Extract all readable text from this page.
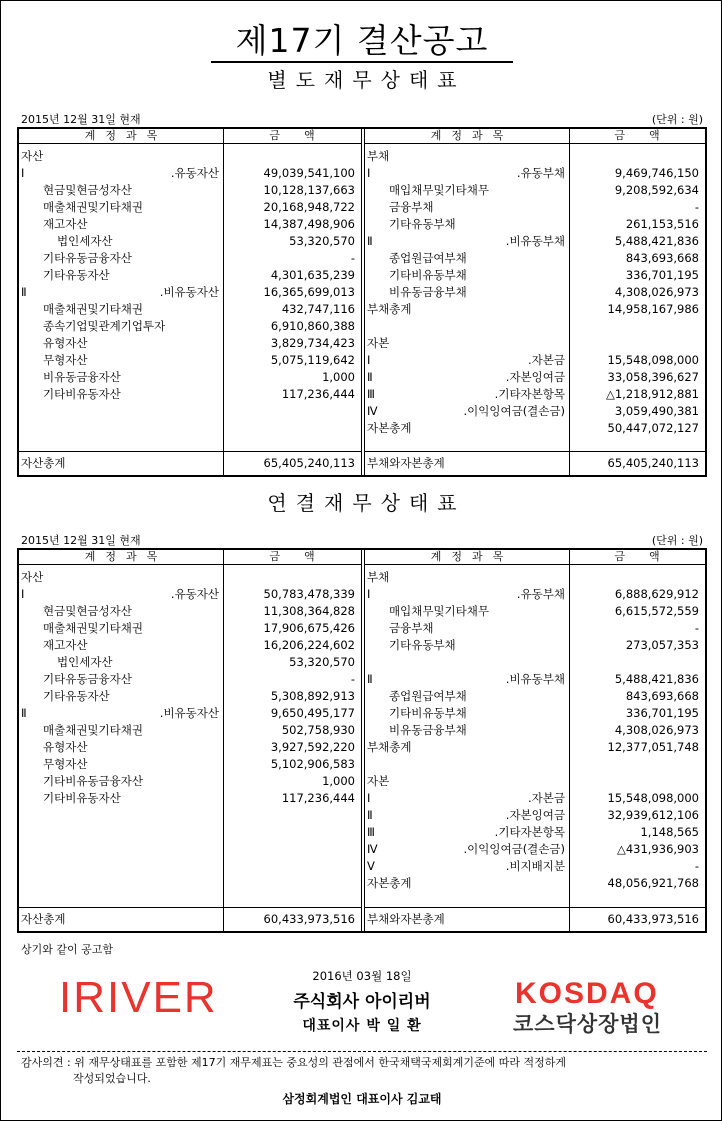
제17기 결산공고
별도재무상태표
2015년 12월 31일 현재	(단위 : 원)
계정과목	금액
자산
Ⅰ.유동자산	49,039,541,100
현금및현금성자산	10,128,137,663
매출채권및기타채권	20,168,948,722
재고자산	14,387,498,906
법인세자산	53,320,570
기타유동금융자산	-
기타유동자산	4,301,635,239
Ⅱ.비유동자산	16,365,699,013
매출채권및기타채권	432,747,116
종속기업및관계기업투자	6,910,860,388
유형자산	3,829,734,423
무형자산	5,075,119,642
비유동금융자산	1,000
기타비유동자산	117,236,444
자산총계	65,405,240,113
계정과목	금액
부채
Ⅰ.유동부채	9,469,746,150
매입채무및기타채무	9,208,592,634
금융부채	-
기타유동부채	261,153,516
Ⅱ.비유동부채	5,488,421,836
종업원급여부채	843,693,668
기타비유동부채	336,701,195
비유동금융부채	4,308,026,973
부채총계	14,958,167,986
자본
Ⅰ.자본금	15,548,098,000
Ⅱ.자본잉여금	33,058,396,627
Ⅲ.기타자본항목	△1,218,912,881
Ⅳ.이익잉여금(결손금)	3,059,490,381
자본총계	50,447,072,127
부채와자본총계	65,405,240,113
연결재무상태표
2015년 12월 31일 현재	(단위 : 원)
계정과목	금액
자산
Ⅰ.유동자산	50,783,478,339
현금및현금성자산	11,308,364,828
매출채권및기타채권	17,906,675,426
재고자산	16,206,224,602
법인세자산	53,320,570
기타유동금융자산	-
기타유동자산	5,308,892,913
Ⅱ.비유동자산	9,650,495,177
매출채권및기타채권	502,758,930
유형자산	3,927,592,220
무형자산	5,102,906,583
기타비유동금융자산	1,000
기타비유동자산	117,236,444
자산총계	60,433,973,516
계정과목	금액
부채
Ⅰ.유동부채	6,888,629,912
매입채무및기타채무	6,615,572,559
금융부채	-
기타유동부채	273,057,353
Ⅱ.비유동부채	5,488,421,836
종업원급여부채	843,693,668
기타비유동부채	336,701,195
비유동금융부채	4,308,026,973
부채총계	12,377,051,748
자본
Ⅰ.자본금	15,548,098,000
Ⅱ.자본잉여금	32,939,612,106
Ⅲ.기타자본항목	1,148,565
Ⅳ.이익잉여금(결손금)	△431,936,903
Ⅴ.비지배지분	-
자본총계	48,056,921,768
부채와자본총계	60,433,973,516
상기와 같이 공고함
IRIVER	2016년 03월 18일
주식회사 아이리버
대표이사 박 일 환
KOSDAQ
코스닥상장법인
감사의견 : 위 재무상태표를 포함한 제17기 재무제표는 중요성의 관점에서 한국채택국제회계기준에 따라 적정하게
작성되었습니다.
삼정회계법인 대표이사 김교태
